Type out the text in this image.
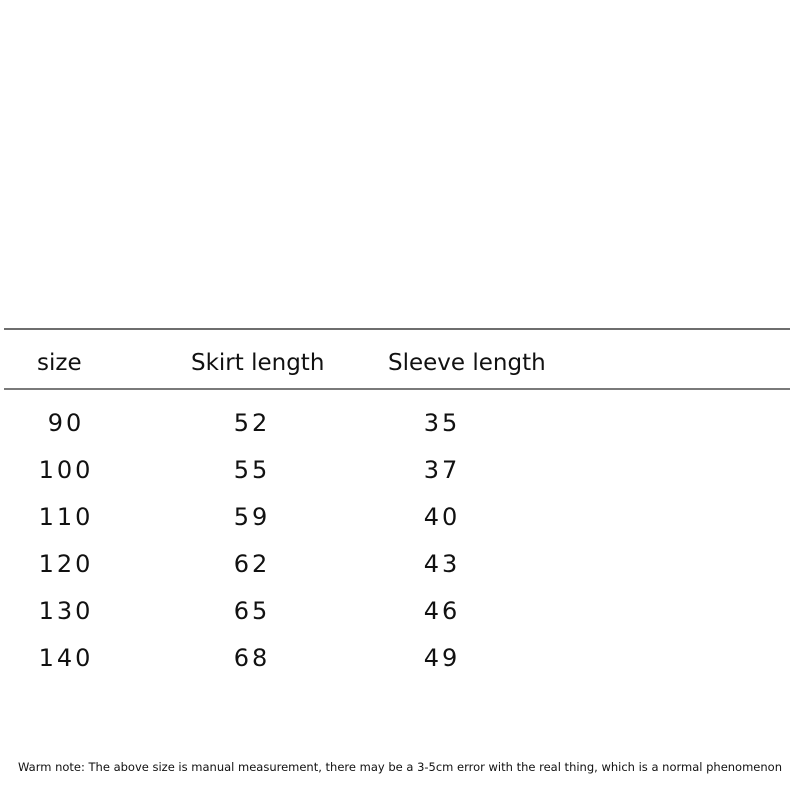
size	Skirt length	Sleeve length
90	52	35
100	55	37
110	59	40
120	62	43
130	65	46
140	68	49
Warm note: The above size is manual measurement, there may be a 3-5cm error with the real thing, which is a normal phenomenon
